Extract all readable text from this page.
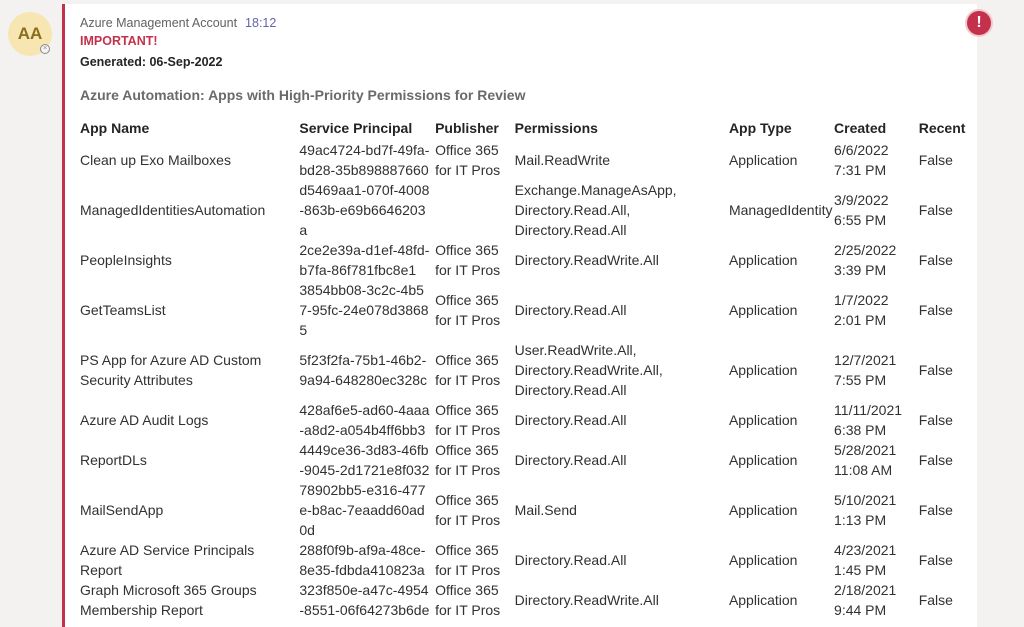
AA
×
Azure Management Account 18:12
IMPORTANT!
Generated: 06-Sep-2022
Azure Automation: Apps with High-Priority Permissions for Review
App Name	Service Principal	Publisher	Permissions	App Type	Created	Recent
Clean up Exo Mailboxes	49ac4724-bd7f-49fa-bd28-35b898887660	Office 365 for IT Pros	Mail.ReadWrite	Application	6/6/2022 7:31 PM	False
ManagedIdentitiesAutomation	d5469aa1-070f-4008-863b-e69b6646203a		Exchange.ManageAsApp, Directory.Read.All, Directory.Read.All	ManagedIdentity	3/9/2022 6:55 PM	False
PeopleInsights	2ce2e39a-d1ef-48fd-b7fa-86f781fbc8e1	Office 365 for IT Pros	Directory.ReadWrite.All	Application	2/25/2022 3:39 PM	False
GetTeamsList	3854bb08-3c2c-4b57-95fc-24e078d38685	Office 365 for IT Pros	Directory.Read.All	Application	1/7/2022 2:01 PM	False
PS App for Azure AD Custom Security Attributes	5f23f2fa-75b1-46b2-9a94-648280ec328c	Office 365 for IT Pros	User.ReadWrite.All, Directory.ReadWrite.All, Directory.Read.All	Application	12/7/2021 7:55 PM	False
Azure AD Audit Logs	428af6e5-ad60-4aaa-a8d2-a054b4ff6bb3	Office 365 for IT Pros	Directory.Read.All	Application	11/11/2021 6:38 PM	False
ReportDLs	4449ce36-3d83-46fb-9045-2d1721e8f032	Office 365 for IT Pros	Directory.Read.All	Application	5/28/2021 11:08 AM	False
MailSendApp	78902bb5-e316-477e-b8ac-7eaadd60ad0d	Office 365 for IT Pros	Mail.Send	Application	5/10/2021 1:13 PM	False
Azure AD Service Principals Report	288f0f9b-af9a-48ce-8e35-fdbda410823a	Office 365 for IT Pros	Directory.Read.All	Application	4/23/2021 1:45 PM	False
Graph Microsoft 365 Groups Membership Report	323f850e-a47c-4954-8551-06f64273b6de	Office 365 for IT Pros	Directory.ReadWrite.All	Application	2/18/2021 9:44 PM	False
!
